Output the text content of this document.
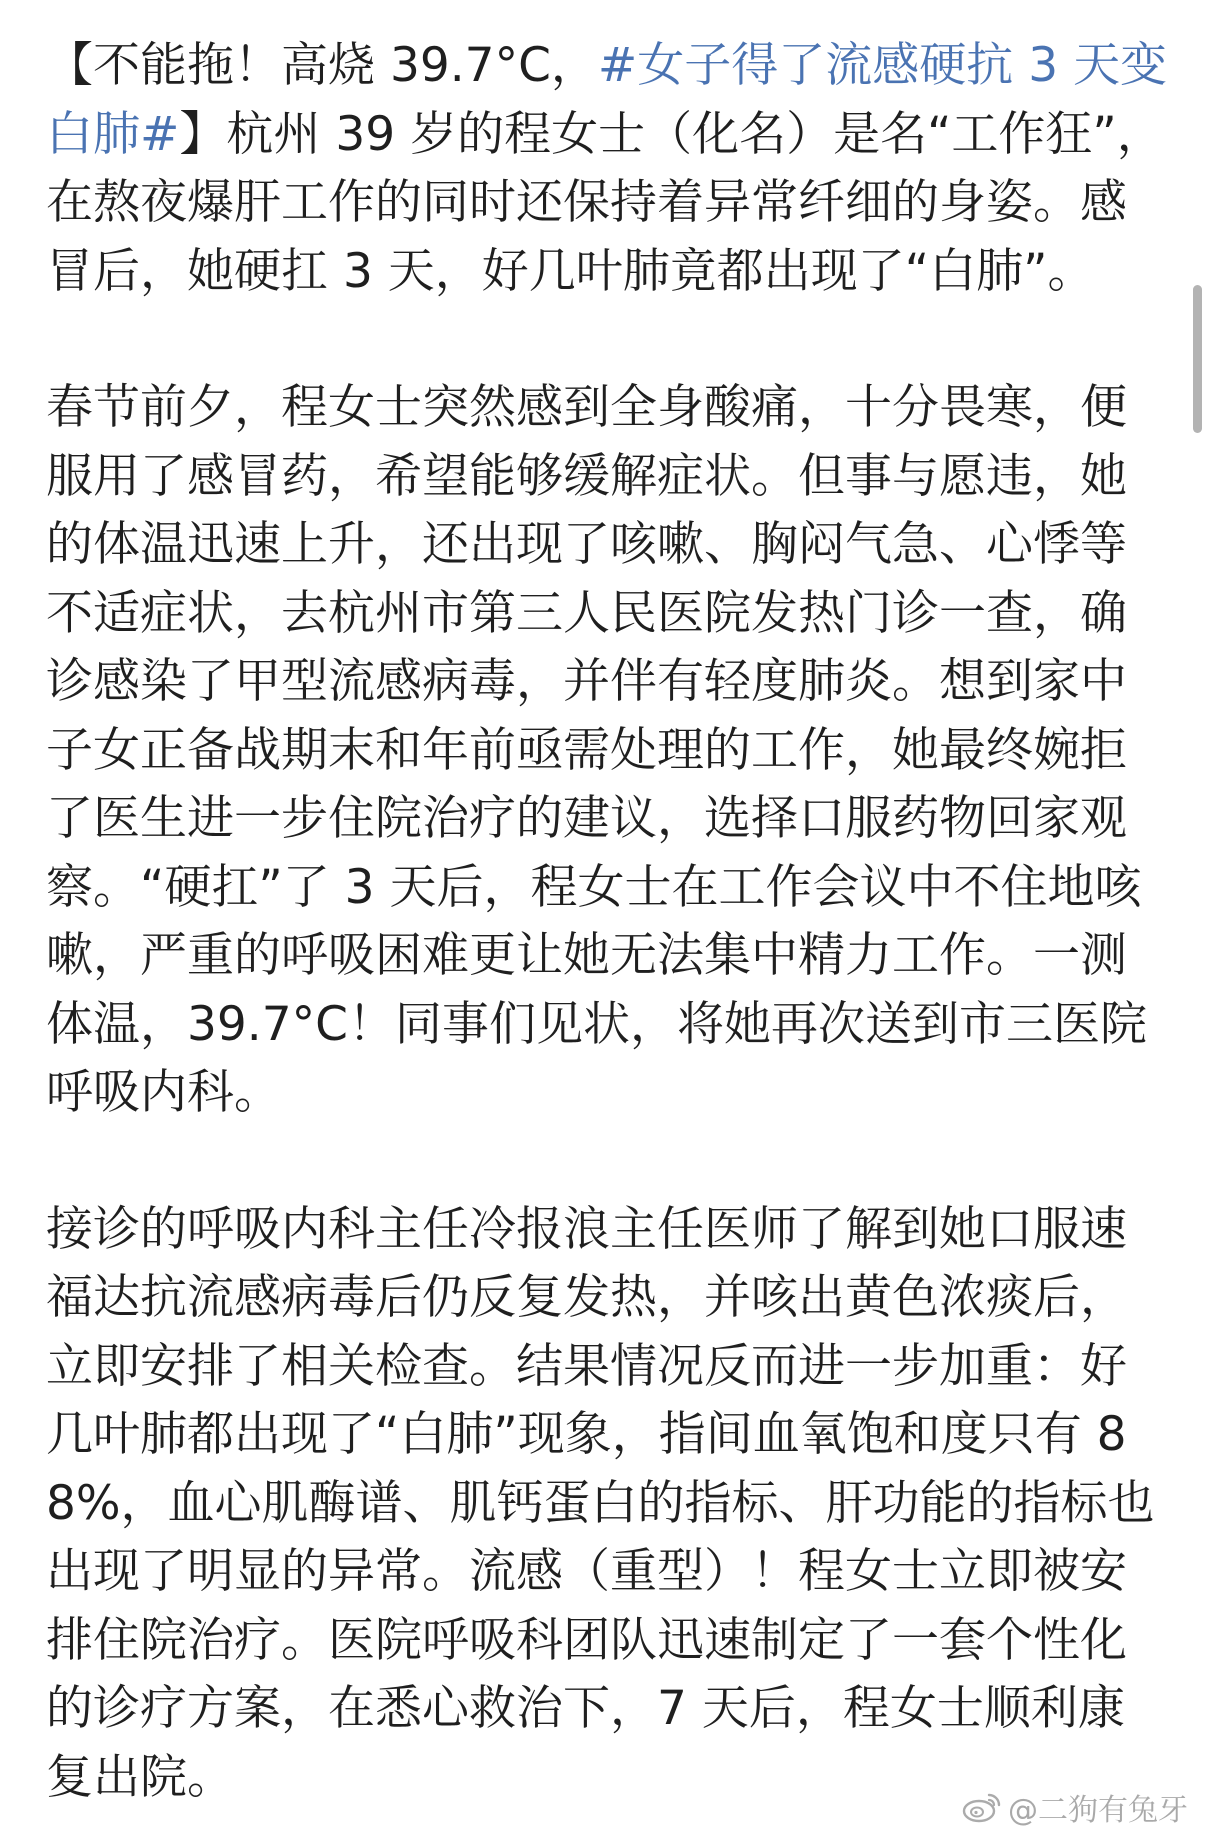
【不能拖！高烧 39.7°C，#女子得了流感硬抗 3 天变白肺#】杭州 39 岁的程女士（化名）是名“工作狂”，在熬夜爆肝工作的同时还保持着异常纤细的身姿。感冒后，她硬扛 3 天，好几叶肺竟都出现了“白肺”。

春节前夕，程女士突然感到全身酸痛，十分畏寒，便服用了感冒药，希望能够缓解症状。但事与愿违，她的体温迅速上升，还出现了咳嗽、胸闷气急、心悸等不适症状，去杭州市第三人民医院发热门诊一查，确诊感染了甲型流感病毒，并伴有轻度肺炎。想到家中子女正备战期末和年前亟需处理的工作，她最终婉拒了医生进一步住院治疗的建议，选择口服药物回家观察。“硬扛”了 3 天后，程女士在工作会议中不住地咳嗽，严重的呼吸困难更让她无法集中精力工作。一测体温，39.7°C！同事们见状，将她再次送到市三医院呼吸内科。

接诊的呼吸内科主任冷报浪主任医师了解到她口服速福达抗流感病毒后仍反复发热，并咳出黄色浓痰后，立即安排了相关检查。结果情况反而进一步加重：好几叶肺都出现了“白肺”现象，指间血氧饱和度只有 88%，血心肌酶谱、肌钙蛋白的指标、肝功能的指标也出现了明显的异常。流感（重型）！程女士立即被安排住院治疗。医院呼吸科团队迅速制定了一套个性化的诊疗方案，在悉心救治下，7 天后，程女士顺利康复出院。

@二狗有兔牙
